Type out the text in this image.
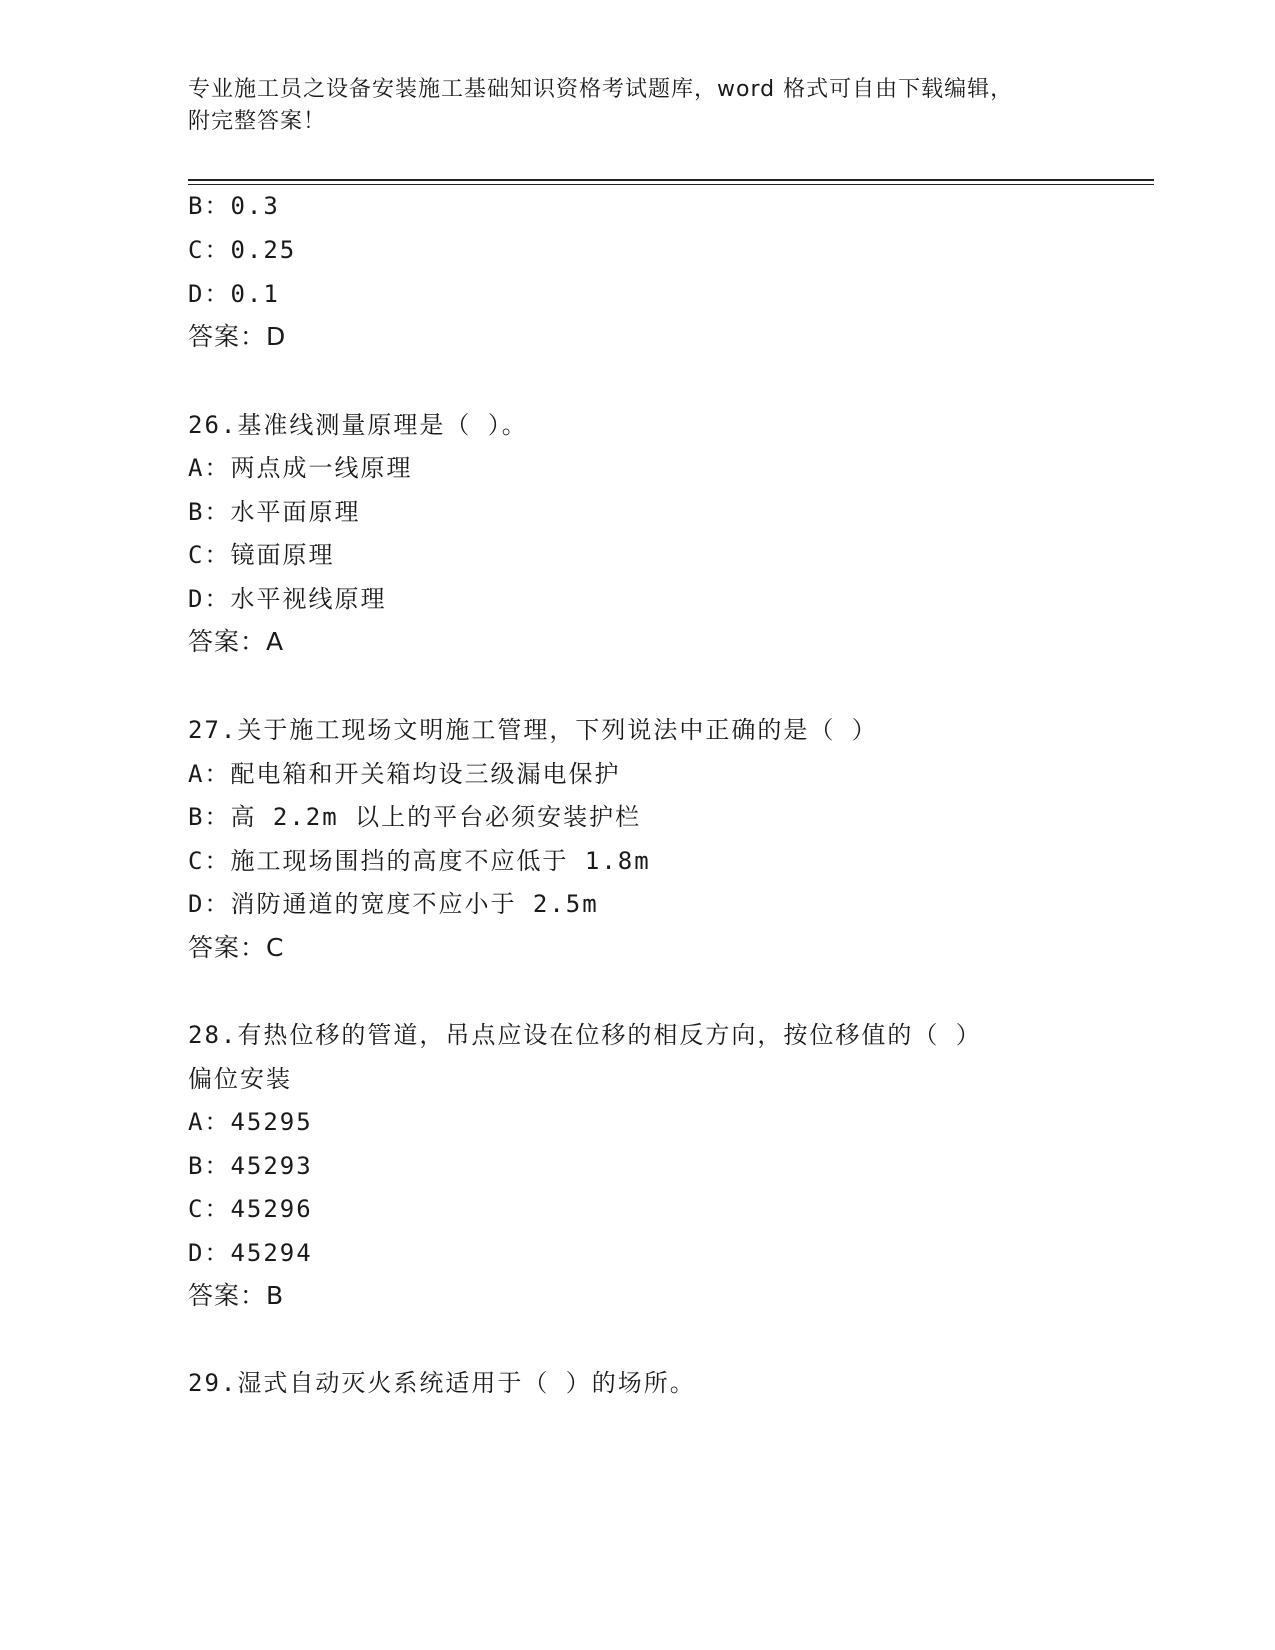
专业施工员之设备安装施工基础知识资格考试题库，word 格式可自由下载编辑，
附完整答案！
B：0.3
C：0.25
D：0.1
答案：D
26.基准线测量原理是（ ）。
A：两点成一线原理
B：水平面原理
C：镜面原理
D：水平视线原理
答案：A
27.关于施工现场文明施工管理，下列说法中正确的是（ ）
A：配电箱和开关箱均设三级漏电保护
B：高 2.2m 以上的平台必须安装护栏
C：施工现场围挡的高度不应低于 1.8m
D：消防通道的宽度不应小于 2.5m
答案：C
28.有热位移的管道，吊点应设在位移的相反方向，按位移值的（ ）
偏位安装
A：45295
B：45293
C：45296
D：45294
答案：B
29.湿式自动灭火系统适用于（ ）的场所。
